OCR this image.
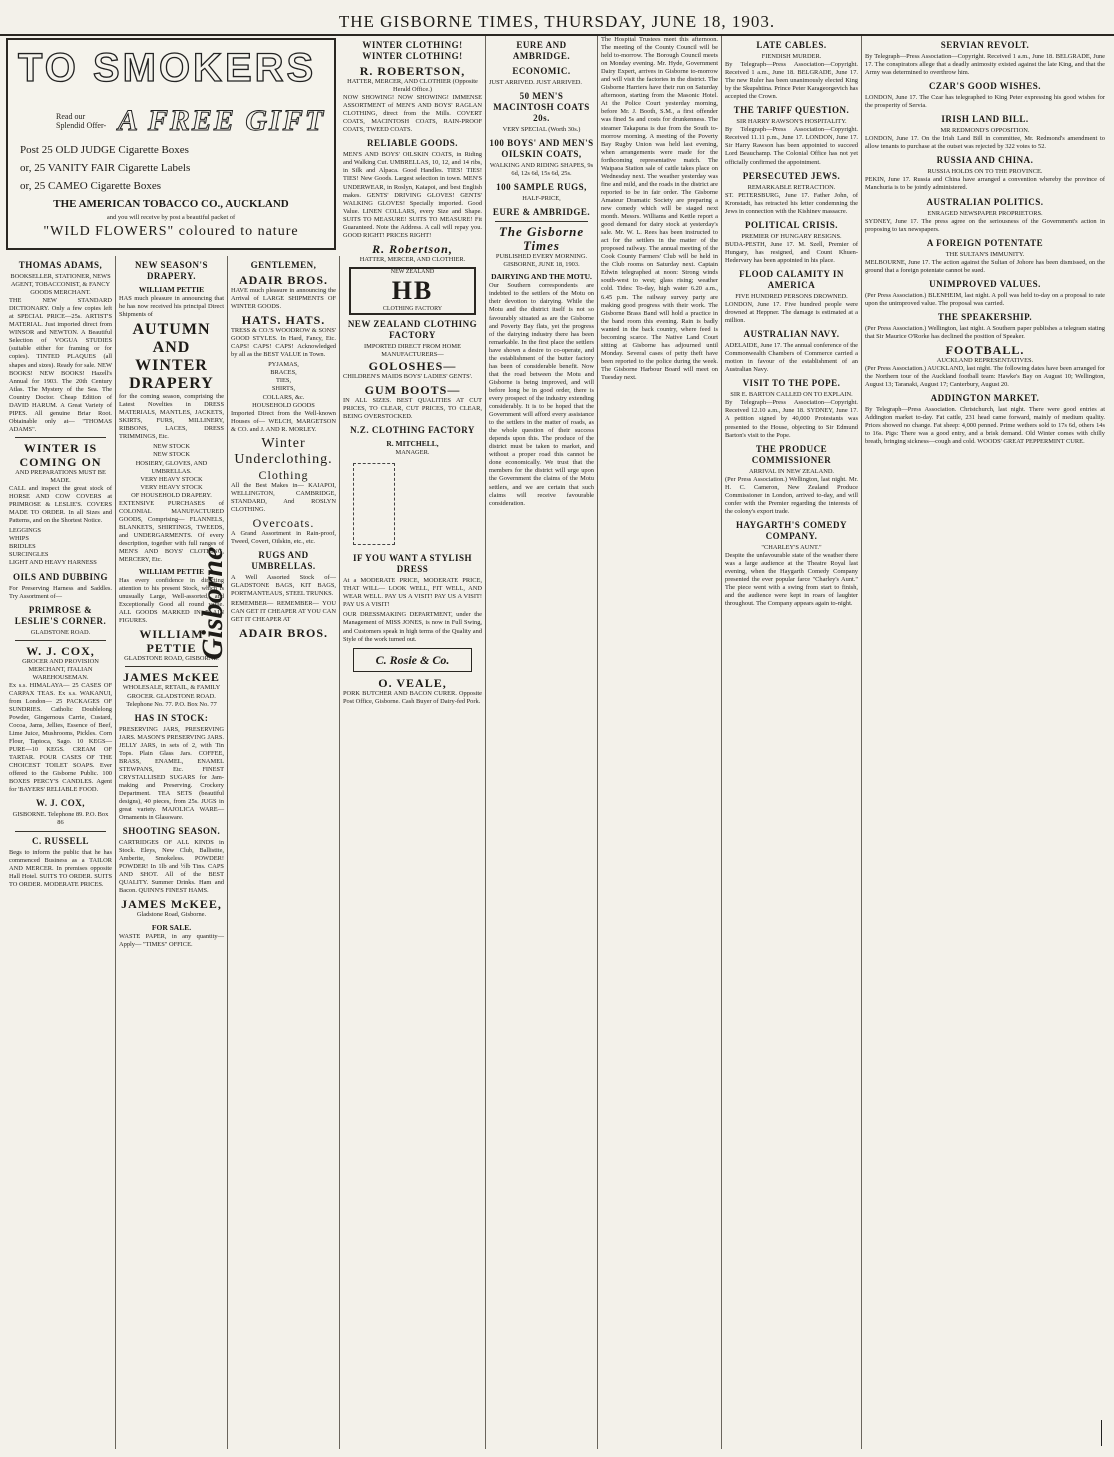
THE GISBORNE TIMES, THURSDAY, JUNE 18, 1903.
TO SMOKERS
Read our
Splendid Offer- A FREE GIFT
Post 25 OLD JUDGE Cigarette Boxes
or, 25 VANITY FAIR Cigarette Labels
or, 25 CAMEO Cigarette Boxes
THE AMERICAN TOBACCO CO., AUCKLAND
and you will receive by post a beautiful packet of
"WILD FLOWERS" coloured to nature
THOMAS ADAMS,
BOOKSELLER, STATIONER, NEWS AGENT, TOBACCONIST, & FANCY GOODS MERCHANT.

THE NEW STANDARD DICTIONARY. Only a few copies left at SPECIAL PRICE—25s. ARTIST'S MATERIAL. Just imported direct from WINSOR and NEWTON. A Beautiful Selection of VOGUA STUDIES (suitable either for framing or for copies). TINTED PLAQUES (all shapes and sizes). Ready for sale. NEW BOOKS! NEW BOOKS! Hazell's Annual for 1903. The 20th Century Atlas. The Mystery of the Sea. The Country Doctor. Cheap Edition of DAVID HARUM. A Great Variety of PIPES. All genuine Briar Root. Obtainable only at— "THOMAS ADAMS".

WINTER IS COMING ON
AND PREPARATIONS MUST BE MADE.

CALL and inspect the great stock of HORSE AND COW COVERS at PRIMROSE & LESLIE'S. COVERS MADE TO ORDER. In all Sizes and Patterns, and on the Shortest Notice.

LEGGINGS
WHIPS
BRIDLES
SURCINGLES
LIGHT AND HEAVY HARNESS
OILS AND DUBBING

For Preserving Harness and Saddles. Try Assortment of—

PRIMROSE & LESLIE'S CORNER.
GLADSTONE ROAD.
W. J. COX,
GROCER AND PROVISION MERCHANT, ITALIAN WAREHOUSEMAN.

Ex s.s. HIMALAYA— 25 CASES OF CARPAX TEAS. Ex s.s. WAKANUI, from London— 25 PACKAGES OF SUNDRIES. Catholic Doublelong Powder, Gingernous Carrie, Custard, Cocoa, Jams, Jellies, Essence of Beef, Lime Juice, Mushrooms, Pickles. Corn Flour, Tapioca, Sago. 10 KEGS—PURE—10 KEGS. CREAM OF TARTAR. FOUR CASES OF THE CHOICEST TOILET SOAPS. Ever offered to the Gisborne Public. 100 BOXES PERCY'S CANDLES. Agent for 'BAYERS' RELIABLE FOOD.

W. J. COX,
GISBORNE. Telephone 89. P.O. Box 86
C. RUSSELL

Begs to inform the public that he has commenced Business as a TAILOR AND MERCER. In premises opposite Hall Hotel. SUITS TO ORDER. SUITS TO ORDER. MODERATE PRICES.

NEW SEASON'S DRAPERY.
WILLIAM PETTIE

HAS much pleasure in announcing that he has now received his principal Direct Shipments of

AUTUMN AND WINTER DRAPERY

for the coming season, comprising the Latest Novelties in DRESS MATERIALS, MANTLES, JACKETS, SKIRTS, FURS, MILLINERY, RIBBONS, LACES, DRESS TRIMMINGS, Etc.

NEW STOCK
NEW STOCK
HOSIERY, GLOVES, AND UMBRELLAS.
VERY HEAVY STOCK
VERY HEAVY STOCK
OF HOUSEHOLD DRAPERY.

EXTENSIVE PURCHASES of COLONIAL MANUFACTURED GOODS, Comprising— FLANNELS, BLANKETS, SHIRTINGS, TWEEDS, and UNDERGARMENTS. Of every description, together with full ranges of MEN'S AND BOYS' CLOTHING, MERCERY, Etc.

WILLIAM PETTIE

Has every confidence in directing attention to his present Stock, which is unusually Large, Well-assorted, and Exceptionally Good all round value. ALL GOODS MARKED IN PLAIN FIGURES.

WILLIAM PETTIE
GLADSTONE ROAD, GISBORNE.
JAMES McKEE
WHOLESALE, RETAIL, & FAMILY GROCER. GLADSTONE ROAD. Telephone No. 77. P.O. Box No. 77
HAS IN STOCK:

PRESERVING JARS, PRESERVING JARS. MASON'S PRESERVING JARS. JELLY JARS, in sets of 2, with Tin Tops. Plain Glass Jars. COFFEE, BRASS, ENAMEL, ENAMEL STEWPANS, Etc. FINEST CRYSTALLISED SUGARS for Jam-making and Preserving. Crockery Department. TEA SETS (beautiful designs), 40 pieces, from 25s. JUGS in great variety. MAJOLICA WARE—Ornaments in Glassware.

SHOOTING SEASON.

CARTRIDGES OF ALL KINDS in Stock. Eleys, New Club, Ballistite, Amberite, Smokeless. POWDER! POWDER! In 1lb and ½lb Tins. CAPS AND SHOT. All of the BEST QUALITY. Summer Drinks. Ham and Bacon. QUINN'S FINEST HAMS.

JAMES McKEE,
Gladstone Road, Gisborne.
FOR SALE.

WASTE PAPER, in any quantity— Apply— "TIMES" OFFICE.

GENTLEMEN,
ADAIR BROS.

HAVE much pleasure in announcing the Arrival of LARGE SHIPMENTS OF WINTER GOODS.

HATS. HATS.

TRESS & CO.'S WOODROW & SONS' GOOD STYLES. In Hard, Fancy, Etc. CAPS! CAPS! CAPS! Acknowledged by all as the BEST VALUE in Town.

PYJAMAS,
BRACES,
TIES,
SHIRTS,
COLLARS, &c.
HOUSEHOLD GOODS

Imported Direct from the Well-known Houses of— WELCH, MARGETSON & CO. and J. AND R. MORLEY.

Winter Underclothing.
Clothing

All the Best Makes in— KAIAPOI, WELLINGTON, CAMBRIDGE, STANDARD, And ROSLYN CLOTHING.

Overcoats.

A Grand Assortment in Rain-proof, Tweed, Covert, Oilskin, etc., etc.

RUGS AND UMBRELLAS.

A Well Assorted Stock of— GLADSTONE BAGS, KIT BAGS, PORTMANTEAUS, STEEL TRUNKS.

REMEMBER— REMEMBER— YOU CAN GET IT CHEAPER AT YOU CAN GET IT CHEAPER AT

ADAIR BROS.
WINTER CLOTHING! WINTER CLOTHING!
R. ROBERTSON,
HATTER, MERCER, AND CLOTHIER (Opposite Herald Office.)

NOW SHOWING! NOW SHOWING! IMMENSE ASSORTMENT of MEN'S AND BOYS' RAGLAN CLOTHING, direct from the Mills. COVERT COATS, MACINTOSH COATS, RAIN-PROOF COATS, TWEED COATS.

RELIABLE GOODS.

MEN'S AND BOYS' OILSKIN COATS, in Riding and Walking Cut. UMBRELLAS, 10, 12, and 14 ribs, in Silk and Alpaca. Good Handles. TIES! TIES! TIES! New Goods. Largest selection in town. MEN'S UNDERWEAR, in Roslyn, Kaiapoi, and best English makes. GENTS' DRIVING GLOVES! GENTS' WALKING GLOVES! Specially imported. Good Value. LINEN COLLARS, every Size and Shape. SUITS TO MEASURE! SUITS TO MEASURE! Fit Guaranteed. Note the Address. A call will repay you. GOOD RIGHT! PRICES RIGHT!

R. Robertson,
HATTER, MERCER, AND CLOTHIER.
NEW ZEALAND
HB
CLOTHING FACTORY
NEW ZEALAND CLOTHING FACTORY
IMPORTED DIRECT FROM HOME MANUFACTURERS—
GOLOSHES—

CHILDREN'S MAIDS BOYS' LADIES' GENTS'.

GUM BOOTS—

IN ALL SIZES. BEST QUALITIES AT CUT PRICES, TO CLEAR, CUT PRICES, TO CLEAR, BEING OVERSTOCKED.

N.Z. CLOTHING FACTORY
R. MITCHELL,
MANAGER.
IF YOU WANT A STYLISH DRESS

At a MODERATE PRICE, MODERATE PRICE, THAT WILL— LOOK WELL, FIT WELL, AND WEAR WELL. PAY US A VISIT! PAY US A VISIT! PAY US A VISIT!

OUR DRESSMAKING DEPARTMENT, under the Management of MISS JONES, is now in Full Swing, and Customers speak in high terms of the Quality and Style of the work turned out.

C. Rosie & Co.
O. VEALE,

PORK BUTCHER AND BACON CURER. Opposite Post Office, Gisborne. Cash Buyer of Dairy-fed Pork.

Gisborne
EURE AND AMBRIDGE.
ECONOMIC.

JUST ARRIVED. JUST ARRIVED.

50 MEN'S MACINTOSH COATS 20s.
VERY SPECIAL (Worth 30s.)
100 BOYS' AND MEN'S OILSKIN COATS,
WALKING AND RIDING SHAPES, 9s 6d, 12s 6d, 15s 6d, 25s.
100 SAMPLE RUGS,
HALF-PRICE,
EURE & AMBRIDGE.
The Gisborne Times
PUBLISHED EVERY MORNING. GISBORNE, JUNE 18, 1903.
DAIRYING AND THE MOTU.

Our Southern correspondents are indebted to the settlers of the Motu on their devotion to dairying. While the Motu and the district itself is not so favourably situated as are the Gisborne and Poverty Bay flats, yet the progress of the dairying industry there has been remarkable. In the first place the settlers have shown a desire to co-operate, and the establishment of the butter factory has been of considerable benefit. Now that the road between the Motu and Gisborne is being improved, and will before long be in good order, there is every prospect of the industry extending considerably. It is to be hoped that the Government will afford every assistance to the settlers in the matter of roads, as the whole question of their success depends upon this. The produce of the district must be taken to market, and without a proper road this cannot be done economically. We trust that the members for the district will urge upon the Government the claims of the Motu settlers, and we are certain that such claims will receive favourable consideration.

The Hospital Trustees meet this afternoon. The meeting of the County Council will be held to-morrow. The Borough Council meets on Monday evening. Mr. Hyde, Government Dairy Expert, arrives in Gisborne to-morrow and will visit the factories in the district. The Gisborne Harriers have their run on Saturday afternoon, starting from the Masonic Hotel. At the Police Court yesterday morning, before Mr. J. Booth, S.M., a first offender was fined 5s and costs for drunkenness. The steamer Takapuna is due from the South to-morrow morning. A meeting of the Poverty Bay Rugby Union was held last evening, when arrangements were made for the forthcoming representative match. The Waipaoa Station sale of cattle takes place on Wednesday next. The weather yesterday was fine and mild, and the roads in the district are reported to be in fair order. The Gisborne Amateur Dramatic Society are preparing a new comedy which will be staged next month. Messrs. Williams and Kettle report a good demand for dairy stock at yesterday's sale. Mr. W. L. Rees has been instructed to act for the settlers in the matter of the proposed railway. The annual meeting of the Cook County Farmers' Club will be held in the Club rooms on Saturday next. Captain Edwin telegraphed at noon: Strong winds south-west to west; glass rising; weather cold. Tides: To-day, high water 6.20 a.m., 6.45 p.m. The railway survey party are making good progress with their work. The Gisborne Brass Band will hold a practice in the band room this evening. Rain is badly wanted in the back country, where feed is becoming scarce. The Native Land Court sitting at Gisborne has adjourned until Monday. Several cases of petty theft have been reported to the police during the week. The Gisborne Harbour Board will meet on Tuesday next.

LATE CABLES.
FIENDISH MURDER.

By Telegraph—Press Association—Copyright. Received 1 a.m., June 18. BELGRADE, June 17. The new Ruler has been unanimously elected King by the Skupshtina. Prince Peter Karageorgevich has accepted the Crown.

THE TARIFF QUESTION.
SIR HARRY RAWSON'S HOSPITALITY.

By Telegraph—Press Association—Copyright. Received 11.11 p.m., June 17. LONDON, June 17. Sir Harry Rawson has been appointed to succeed Lord Beauchamp. The Colonial Office has not yet officially confirmed the appointment.

PERSECUTED JEWS.
REMARKABLE RETRACTION.

ST. PETERSBURG, June 17. Father John, of Kronstadt, has retracted his letter condemning the Jews in connection with the Kishinev massacre.

POLITICAL CRISIS.
PREMIER OF HUNGARY RESIGNS.

BUDA-PESTH, June 17. M. Szell, Premier of Hungary, has resigned, and Count Khuen-Hedervary has been appointed in his place.

FLOOD CALAMITY IN AMERICA
FIVE HUNDRED PERSONS DROWNED.

LONDON, June 17. Five hundred people were drowned at Heppner. The damage is estimated at a million.

AUSTRALIAN NAVY.

ADELAIDE, June 17. The annual conference of the Commonwealth Chambers of Commerce carried a motion in favour of the establishment of an Australian Navy.

VISIT TO THE POPE.
SIR E. BARTON CALLED ON TO EXPLAIN.

By Telegraph—Press Association—Copyright. Received 12.10 a.m., June 18. SYDNEY, June 17. A petition signed by 40,000 Protestants was presented to the House, objecting to Sir Edmund Barton's visit to the Pope.

THE PRODUCE COMMISSIONER
ARRIVAL IN NEW ZEALAND.

(Per Press Association.) Wellington, last night. Mr. H. C. Cameron, New Zealand Produce Commissioner in London, arrived to-day, and will confer with the Premier regarding the interests of the colony's export trade.

HAYGARTH'S COMEDY COMPANY.
"CHARLEY'S AUNT."

Despite the unfavourable state of the weather there was a large audience at the Theatre Royal last evening, when the Haygarth Comedy Company presented the ever popular farce "Charley's Aunt." The piece went with a swing from start to finish, and the audience were kept in roars of laughter throughout. The Company appears again to-night.

SERVIAN REVOLT.

By Telegraph—Press Association—Copyright. Received 1 a.m., June 18. BELGRADE, June 17. The conspirators allege that a deadly animosity existed against the late King, and that the Army was determined to overthrow him.

CZAR'S GOOD WISHES.

LONDON, June 17. The Czar has telegraphed to King Peter expressing his good wishes for the prosperity of Servia.

IRISH LAND BILL.
MR REDMOND'S OPPOSITION.

LONDON, June 17. On the Irish Land Bill in committee, Mr. Redmond's amendment to allow tenants to purchase at the outset was rejected by 322 votes to 52.

RUSSIA AND CHINA.
RUSSIA HOLDS ON TO THE PROVINCE.

PEKIN, June 17. Russia and China have arranged a convention whereby the province of Manchuria is to be jointly administered.

AUSTRALIAN POLITICS.
ENRAGED NEWSPAPER PROPRIETORS.

SYDNEY, June 17. The press agree on the seriousness of the Government's action in proposing to tax newspapers.

A FOREIGN POTENTATE
THE SULTAN'S IMMUNITY.

MELBOURNE, June 17. The action against the Sultan of Johore has been dismissed, on the ground that a foreign potentate cannot be sued.

UNIMPROVED VALUES.

(Per Press Association.) BLENHEIM, last night. A poll was held to-day on a proposal to rate upon the unimproved value. The proposal was carried.

THE SPEAKERSHIP.

(Per Press Association.) Wellington, last night. A Southern paper publishes a telegram stating that Sir Maurice O'Rorke has declined the position of Speaker.

FOOTBALL.
AUCKLAND REPRESENTATIVES.

(Per Press Association.) AUCKLAND, last night. The following dates have been arranged for the Northern tour of the Auckland football team: Hawke's Bay on August 10; Wellington, August 13; Taranaki, August 17; Canterbury, August 20.

ADDINGTON MARKET.

By Telegraph—Press Association. Christchurch, last night. There were good entries at Addington market to-day. Fat cattle, 231 head came forward, mainly of medium quality. Prices showed no change. Fat sheep: 4,000 penned. Prime wethers sold to 17s 6d, others 14s to 16s. Pigs: There was a good entry, and a brisk demand. Old Winter comes with chilly breath, bringing sickness—cough and cold. WOODS' GREAT PEPPERMINT CURE.
